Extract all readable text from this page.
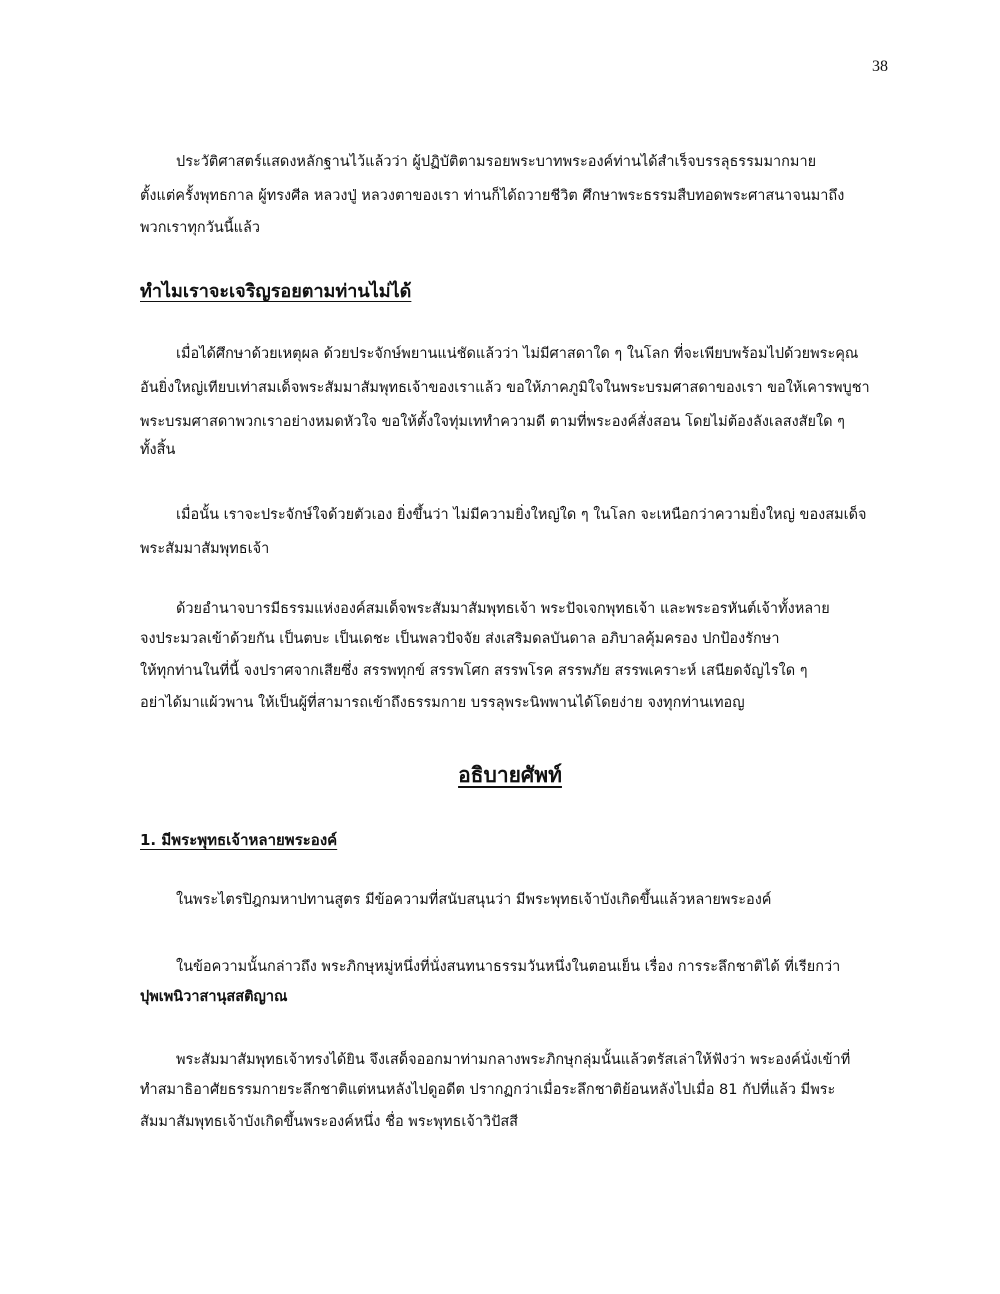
38
ประวัติศาสตร์แสดงหลักฐานไว้แล้วว่า ผู้ปฏิบัติตามรอยพระบาทพระองค์ท่านได้สำเร็จบรรลุธรรมมากมาย
ตั้งแต่ครั้งพุทธกาล ผู้ทรงศีล หลวงปู่ หลวงตาของเรา ท่านก็ได้ถวายชีวิต ศึกษาพระธรรมสืบทอดพระศาสนาจนมาถึง
พวกเราทุกวันนี้แล้ว
ทำไมเราจะเจริญรอยตามท่านไม่ได้
เมื่อได้ศึกษาด้วยเหตุผล ด้วยประจักษ์พยานแน่ชัดแล้วว่า ไม่มีศาสดาใด ๆ ในโลก ที่จะเพียบพร้อมไปด้วยพระคุณ
อันยิ่งใหญ่เทียบเท่าสมเด็จพระสัมมาสัมพุทธเจ้าของเราแล้ว ขอให้ภาคภูมิใจในพระบรมศาสดาของเรา ขอให้เคารพบูชา
พระบรมศาสดาพวกเราอย่างหมดหัวใจ ขอให้ตั้งใจทุ่มเททำความดี ตามที่พระองค์สั่งสอน โดยไม่ต้องลังเลสงสัยใด ๆ
ทั้งสิ้น
เมื่อนั้น เราจะประจักษ์ใจด้วยตัวเอง ยิ่งขึ้นว่า ไม่มีความยิ่งใหญ่ใด ๆ ในโลก จะเหนือกว่าความยิ่งใหญ่ ของสมเด็จ
พระสัมมาสัมพุทธเจ้า
ด้วยอำนาจบารมีธรรมแห่งองค์สมเด็จพระสัมมาสัมพุทธเจ้า พระปัจเจกพุทธเจ้า และพระอรหันต์เจ้าทั้งหลาย
จงประมวลเข้าด้วยกัน เป็นตบะ เป็นเดชะ เป็นพลวปัจจัย ส่งเสริมดลบันดาล อภิบาลคุ้มครอง ปกป้องรักษา
ให้ทุกท่านในที่นี้ จงปราศจากเสียซึ่ง สรรพทุกข์ สรรพโศก สรรพโรค สรรพภัย สรรพเคราะห์ เสนียดจัญไรใด ๆ
อย่าได้มาแผ้วพาน ให้เป็นผู้ที่สามารถเข้าถึงธรรมกาย บรรลุพระนิพพานได้โดยง่าย จงทุกท่านเทอญ
อธิบายศัพท์
1. มีพระพุทธเจ้าหลายพระองค์
ในพระไตรปิฎกมหาปทานสูตร มีข้อความที่สนับสนุนว่า มีพระพุทธเจ้าบังเกิดขึ้นแล้วหลายพระองค์
ในข้อความนั้นกล่าวถึง พระภิกษุหมู่หนึ่งที่นั่งสนทนาธรรมวันหนึ่งในตอนเย็น เรื่อง การระลึกชาติได้ ที่เรียกว่า
ปุพเพนิวาสานุสสติญาณ
พระสัมมาสัมพุทธเจ้าทรงได้ยิน จึงเสด็จออกมาท่ามกลางพระภิกษุกลุ่มนั้นแล้วตรัสเล่าให้ฟังว่า พระองค์นั่งเข้าที่
ทำสมาธิอาศัยธรรมกายระลึกชาติแต่หนหลังไปดูอดีต ปรากฏกว่าเมื่อระลึกชาติย้อนหลังไปเมื่อ 81 กัปที่แล้ว มีพระ
สัมมาสัมพุทธเจ้าบังเกิดขึ้นพระองค์หนึ่ง ชื่อ พระพุทธเจ้าวิปัสสี
